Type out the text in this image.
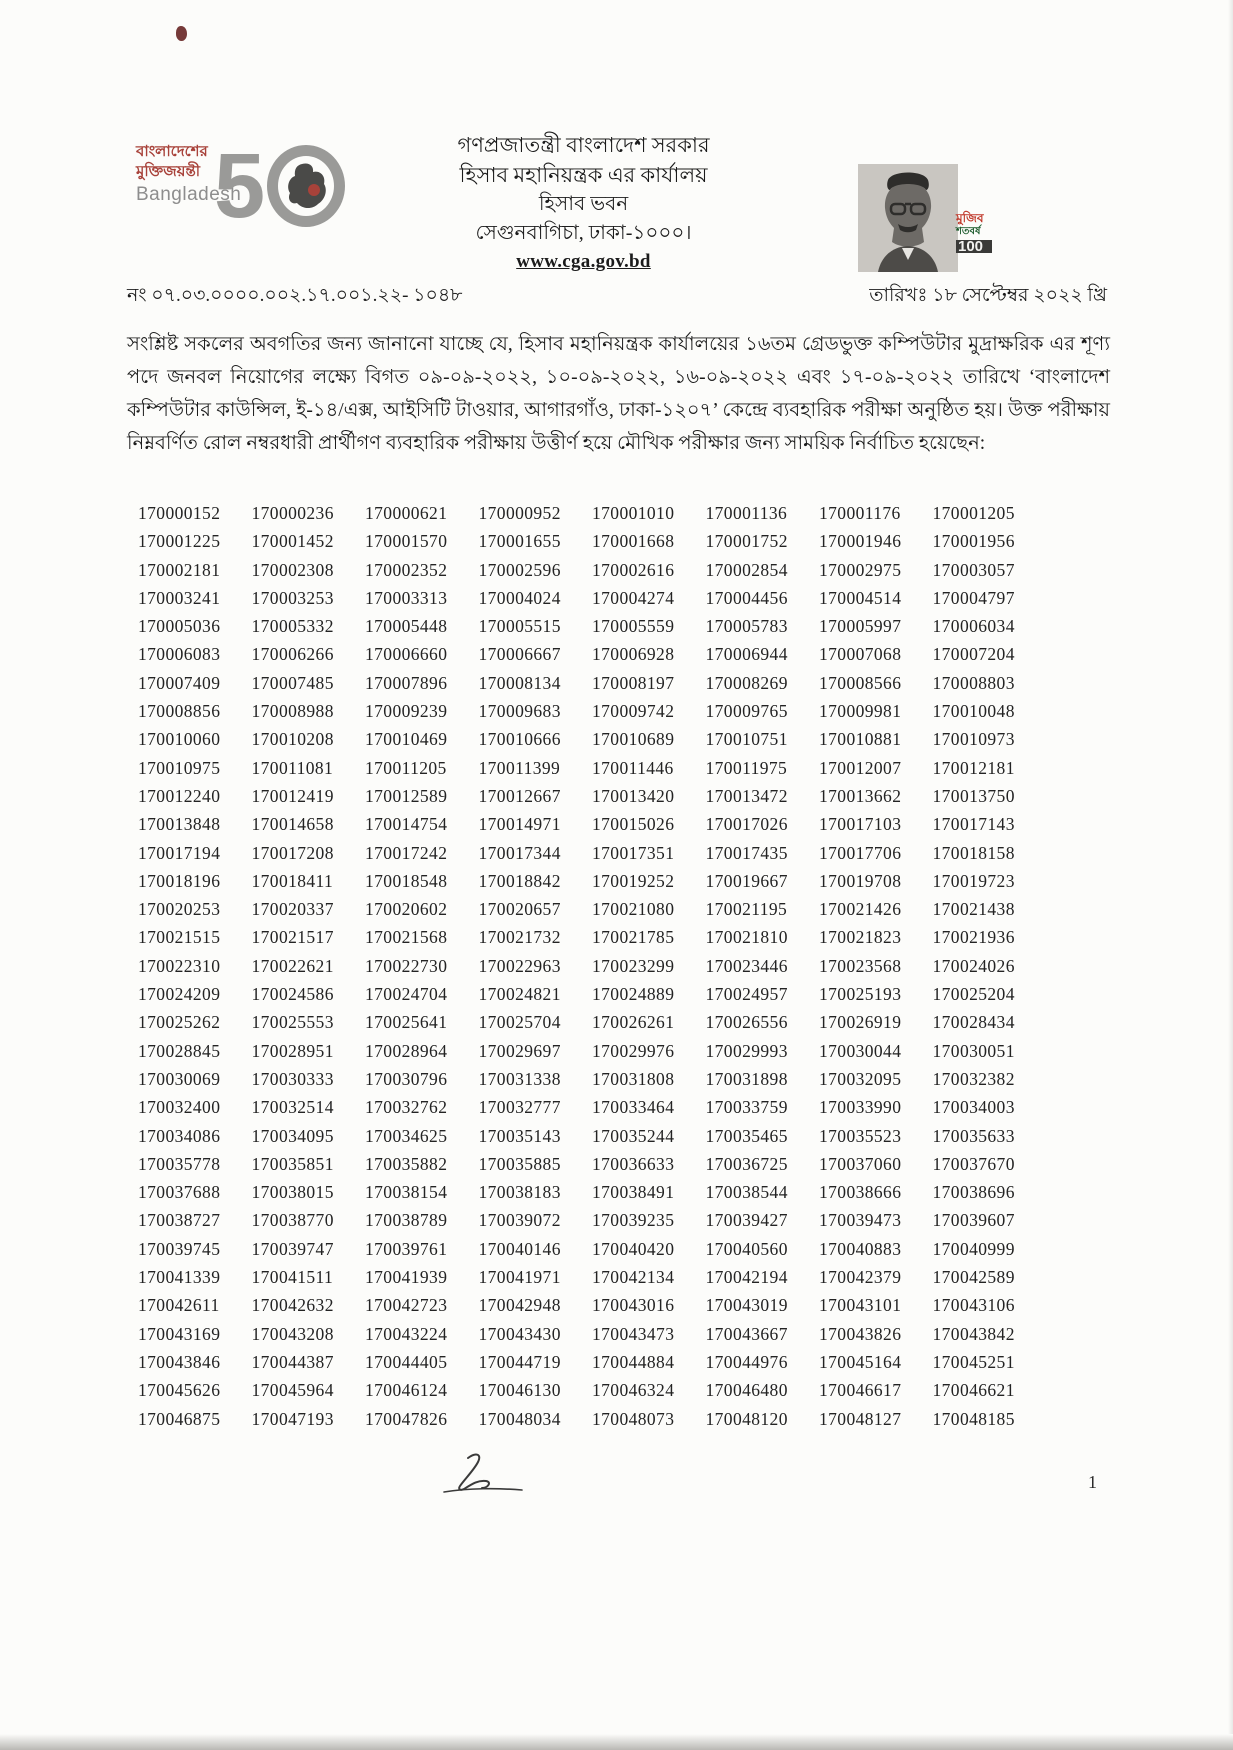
বাংলাদেশের
মুক্তিজয়ন্তী
Bangladesh
5	গণপ্রজাতন্ত্রী বাংলাদেশ সরকার
হিসাব মহানিয়ন্ত্রক এর কার্যালয়
হিসাব ভবন
সেগুনবাগিচা, ঢাকা-১০০০।
www.cga.gov.bd
মুজিব
শতবর্ষ
100
নং ০৭.০৩.০০০০.০০২.১৭.০০১.২২- ১০৪৮	তারিখঃ ১৮ সেপ্টেম্বর ২০২২ খ্রি

সংশ্লিষ্ট সকলের অবগতির জন্য জানানো যাচ্ছে যে, হিসাব মহানিয়ন্ত্রক কার্যালয়ের ১৬তম গ্রেডভুক্ত কম্পিউটার মুদ্রাক্ষরিক এর শূণ্য পদে জনবল নিয়োগের লক্ষ্যে বিগত ০৯-০৯-২০২২, ১০-০৯-২০২২, ১৬-০৯-২০২২ এবং ১৭-০৯-২০২২ তারিখে ‘বাংলাদেশ কম্পিউটার কাউন্সিল, ই-১৪/এক্স, আইসিটি টাওয়ার, আগারগাঁও, ঢাকা-১২০৭’ কেন্দ্রে ব্যবহারিক পরীক্ষা অনুষ্ঠিত হয়। উক্ত পরীক্ষায় নিম্নবর্ণিত রোল নম্বরধারী প্রার্থীগণ ব্যবহারিক পরীক্ষায় উত্তীর্ণ হয়ে মৌখিক পরীক্ষার জন্য সাময়িক নির্বাচিত হয়েছেন:

170000152	170000236	170000621	170000952	170001010	170001136	170001176	170001205
170001225	170001452	170001570	170001655	170001668	170001752	170001946	170001956
170002181	170002308	170002352	170002596	170002616	170002854	170002975	170003057
170003241	170003253	170003313	170004024	170004274	170004456	170004514	170004797
170005036	170005332	170005448	170005515	170005559	170005783	170005997	170006034
170006083	170006266	170006660	170006667	170006928	170006944	170007068	170007204
170007409	170007485	170007896	170008134	170008197	170008269	170008566	170008803
170008856	170008988	170009239	170009683	170009742	170009765	170009981	170010048
170010060	170010208	170010469	170010666	170010689	170010751	170010881	170010973
170010975	170011081	170011205	170011399	170011446	170011975	170012007	170012181
170012240	170012419	170012589	170012667	170013420	170013472	170013662	170013750
170013848	170014658	170014754	170014971	170015026	170017026	170017103	170017143
170017194	170017208	170017242	170017344	170017351	170017435	170017706	170018158
170018196	170018411	170018548	170018842	170019252	170019667	170019708	170019723
170020253	170020337	170020602	170020657	170021080	170021195	170021426	170021438
170021515	170021517	170021568	170021732	170021785	170021810	170021823	170021936
170022310	170022621	170022730	170022963	170023299	170023446	170023568	170024026
170024209	170024586	170024704	170024821	170024889	170024957	170025193	170025204
170025262	170025553	170025641	170025704	170026261	170026556	170026919	170028434
170028845	170028951	170028964	170029697	170029976	170029993	170030044	170030051
170030069	170030333	170030796	170031338	170031808	170031898	170032095	170032382
170032400	170032514	170032762	170032777	170033464	170033759	170033990	170034003
170034086	170034095	170034625	170035143	170035244	170035465	170035523	170035633
170035778	170035851	170035882	170035885	170036633	170036725	170037060	170037670
170037688	170038015	170038154	170038183	170038491	170038544	170038666	170038696
170038727	170038770	170038789	170039072	170039235	170039427	170039473	170039607
170039745	170039747	170039761	170040146	170040420	170040560	170040883	170040999
170041339	170041511	170041939	170041971	170042134	170042194	170042379	170042589
170042611	170042632	170042723	170042948	170043016	170043019	170043101	170043106
170043169	170043208	170043224	170043430	170043473	170043667	170043826	170043842
170043846	170044387	170044405	170044719	170044884	170044976	170045164	170045251
170045626	170045964	170046124	170046130	170046324	170046480	170046617	170046621
170046875	170047193	170047826	170048034	170048073	170048120	170048127	170048185
1
